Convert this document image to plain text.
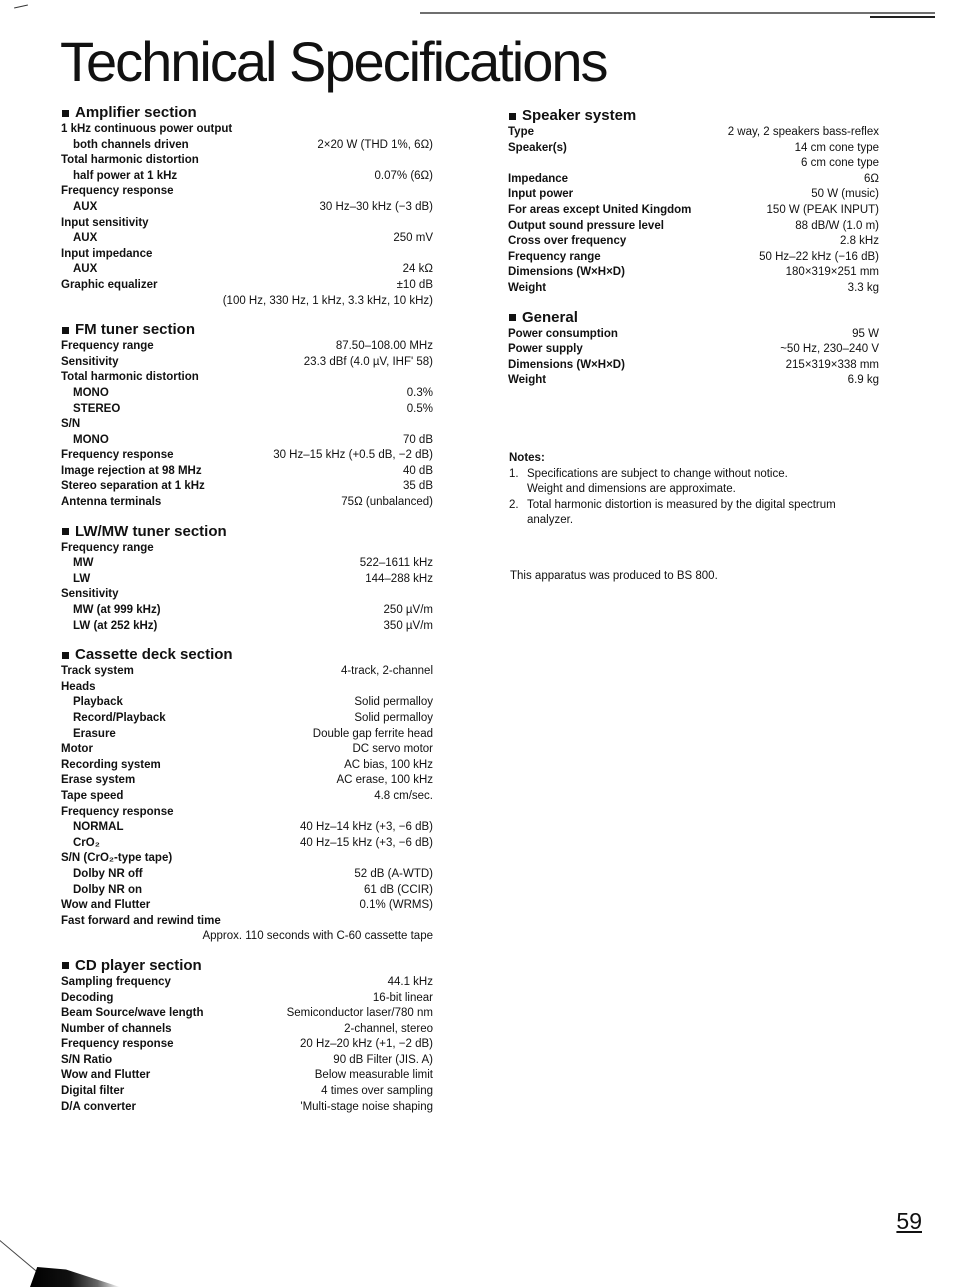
Technical Specifications
Amplifier section
1 kHz continuous power output
both channels driven	2×20 W (THD 1%, 6Ω)
Total harmonic distortion
half power at 1 kHz	0.07% (6Ω)
Frequency response
AUX	30 Hz–30 kHz (−3 dB)
Input sensitivity
AUX	250 mV
Input impedance
AUX	24 kΩ
Graphic equalizer	±10 dB
(100 Hz, 330 Hz, 1 kHz, 3.3 kHz, 10 kHz)
FM tuner section
Frequency range	87.50–108.00 MHz
Sensitivity	23.3 dBf (4.0 µV, IHF' 58)
Total harmonic distortion
MONO	0.3%
STEREO	0.5%
S/N
MONO	70 dB
Frequency response	30 Hz–15 kHz (+0.5 dB, −2 dB)
Image rejection at 98 MHz	40 dB
Stereo separation at 1 kHz	35 dB
Antenna terminals	75Ω (unbalanced)
LW/MW tuner section
Frequency range
MW	522–1611 kHz
LW	144–288 kHz
Sensitivity
MW (at 999 kHz)	250 µV/m
LW (at 252 kHz)	350 µV/m
Cassette deck section
Track system	4-track, 2-channel
Heads
Playback	Solid permalloy
Record/Playback	Solid permalloy
Erasure	Double gap ferrite head
Motor	DC servo motor
Recording system	AC bias, 100 kHz
Erase system	AC erase, 100 kHz
Tape speed	4.8 cm/sec.
Frequency response
NORMAL	40 Hz–14 kHz (+3, −6 dB)
CrO₂	40 Hz–15 kHz (+3, −6 dB)
S/N (CrO₂-type tape)
Dolby NR off	52 dB (A-WTD)
Dolby NR on	61 dB (CCIR)
Wow and Flutter	0.1% (WRMS)
Fast forward and rewind time
Approx. 110 seconds with C-60 cassette tape
CD player section
Sampling frequency	44.1 kHz
Decoding	16-bit linear
Beam Source/wave length	Semiconductor laser/780 nm
Number of channels	2-channel, stereo
Frequency response	20 Hz–20 kHz (+1, −2 dB)
S/N Ratio	90 dB Filter (JIS. A)
Wow and Flutter	Below measurable limit
Digital filter	4 times over sampling
D/A converter	'Multi-stage noise shaping
Speaker system
Type	2 way, 2 speakers bass-reflex
Speaker(s)	14 cm cone type
6 cm cone type
Impedance	6Ω
Input power	50 W (music)
For areas except United Kingdom	150 W (PEAK INPUT)
Output sound pressure level	88 dB/W (1.0 m)
Cross over frequency	2.8 kHz
Frequency range	50 Hz–22 kHz (−16 dB)
Dimensions (W×H×D)	180×319×251 mm
Weight	3.3 kg
General
Power consumption	95 W
Power supply	~50 Hz, 230–240 V
Dimensions (W×H×D)	215×319×338 mm
Weight	6.9 kg
Notes:
1. Specifications are subject to change without notice.
Weight and dimensions are approximate.
2. Total harmonic distortion is measured by the digital spectrum
analyzer.
This apparatus was produced to BS 800.
59
